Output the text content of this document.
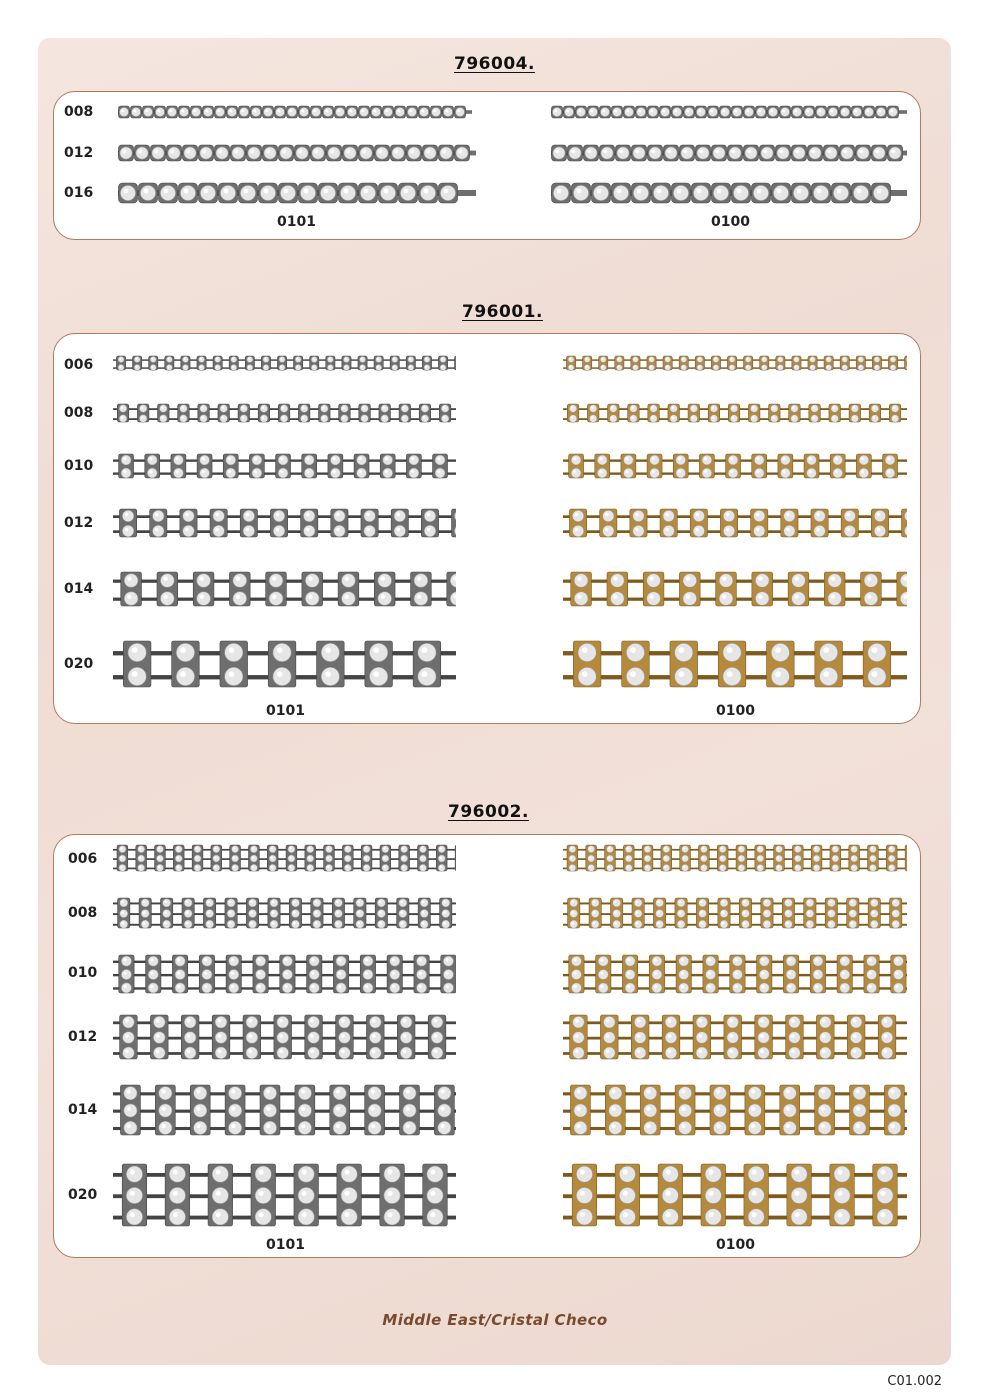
796004.
008
012
016
0101	0100
796001.
006
008
010
012
014
020
0101	0100
796002.
006
008
010
012
014
020
0101	0100
Middle East/Cristal Checo
C01.002
